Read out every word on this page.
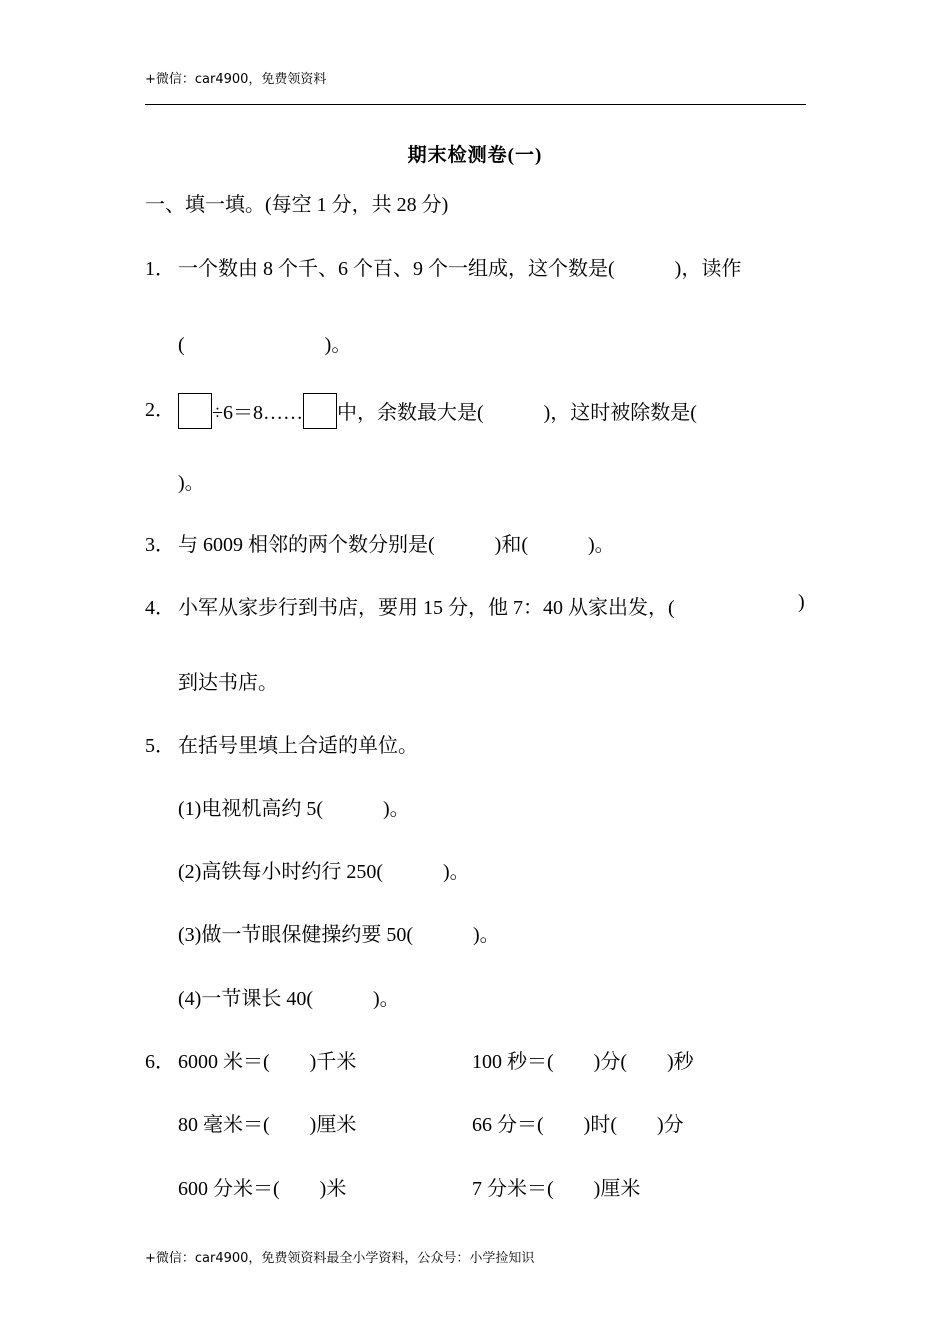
+微信：car4900，免费领资料
期末检测卷(一)
一、填一填。(每空 1 分，共 28 分)
1． 一个数由 8 个千、6 个百、9 个一组成，这个数是(　　　)，读作
(　　　　　　　)。
2．	÷6＝8…… 中，余数最大是(　　　)，这时被除数是(
)。
3． 与 6009 相邻的两个数分别是(　　　)和(　　　)。
4． 小军从家步行到书店，要用 15 分，他 7：40 从家出发，(	)
到达书店。
5． 在括号里填上合适的单位。
(1)电视机高约 5(　　　)。
(2)高铁每小时约行 250(　　　)。
(3)做一节眼保健操约要 50(　　　)。
(4)一节课长 40(　　　)。
6． 6000 米＝(　　)千米	100 秒＝(　　)分(　　)秒
80 毫米＝(　　)厘米	66 分＝(　　)时(　　)分
600 分米＝(　　)米	7 分米＝(　　)厘米
+微信：car4900，免费领资料最全小学资料，公众号：小学捡知识
